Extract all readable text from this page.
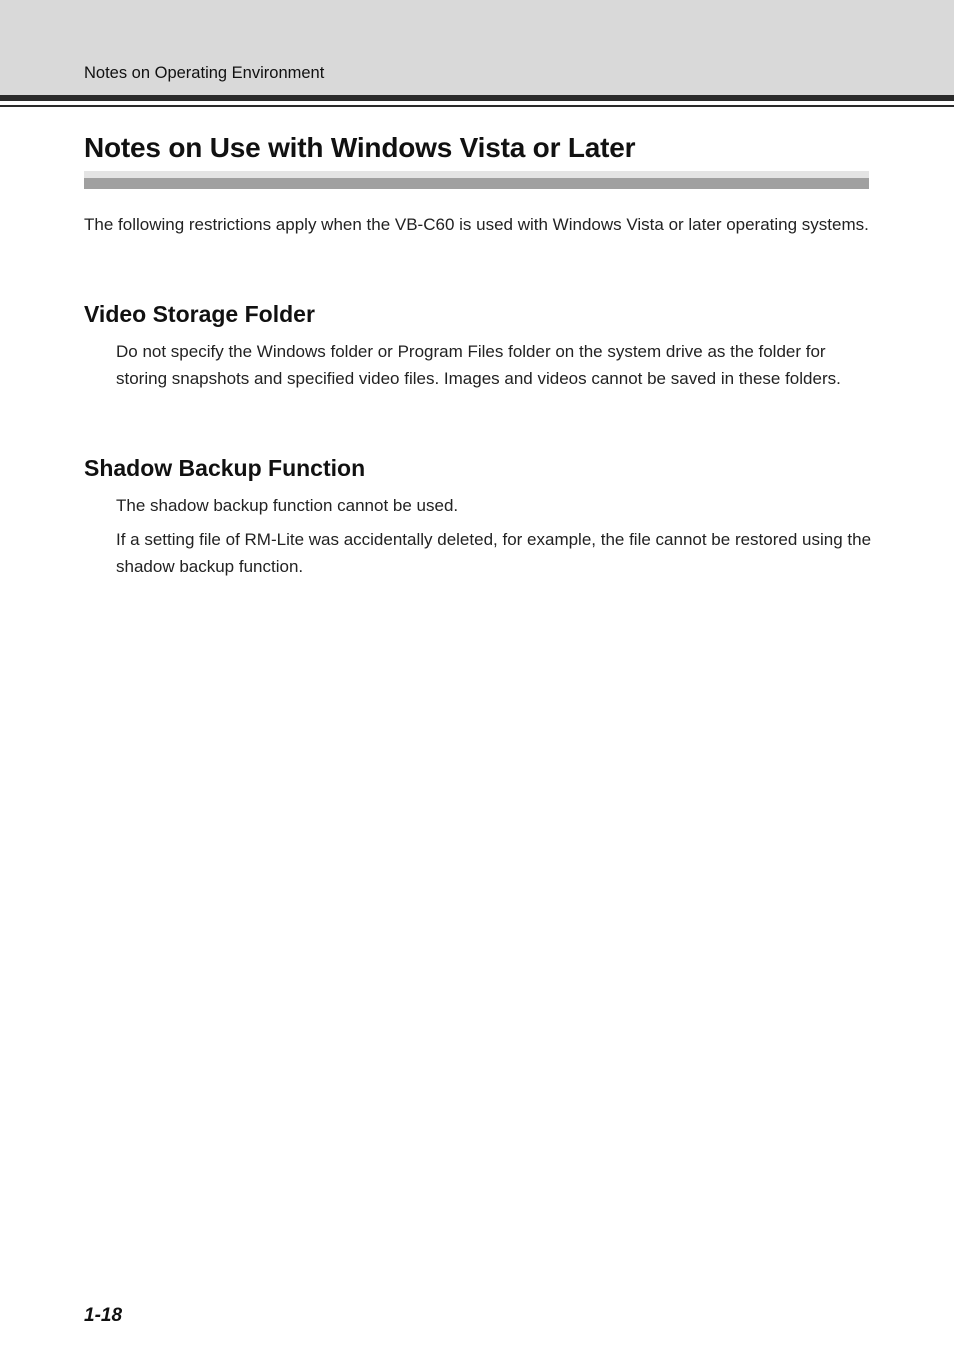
Notes on Operating Environment
Notes on Use with Windows Vista or Later

The following restrictions apply when the VB-C60 is used with Windows Vista or later operating systems.

Video Storage Folder

Do not specify the Windows folder or Program Files folder on the system drive as the folder for storing snapshots and specified video files. Images and videos cannot be saved in these folders.

Shadow Backup Function

The shadow backup function cannot be used.

If a setting file of RM-Lite was accidentally deleted, for example, the file cannot be restored using the shadow backup function.

1-18
